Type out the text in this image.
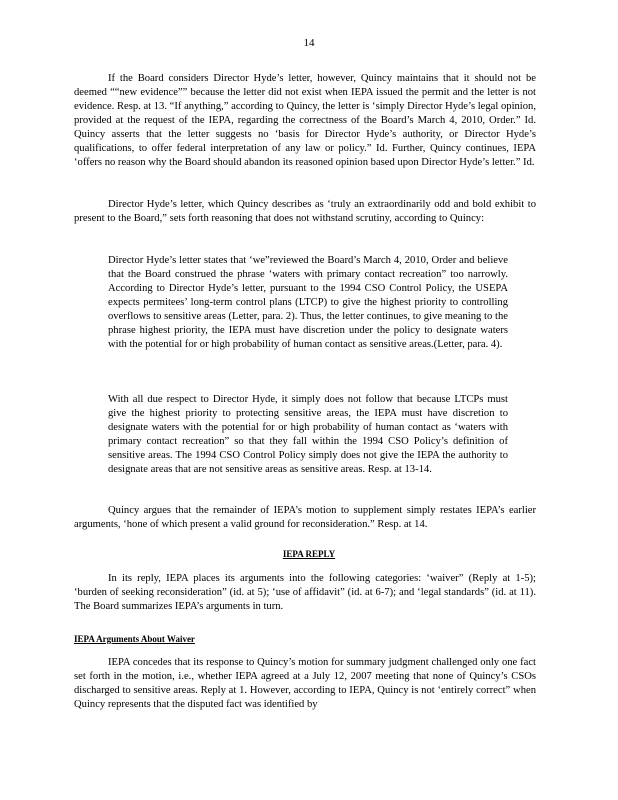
14
If the Board considers Director Hyde’s letter, however, Quincy maintains that it should not be deemed ““new evidence”” because the letter did not exist when IEPA issued the permit and the letter is not evidence. Resp. at 13. “If anything,” according to Quincy, the letter is ‘simply Director Hyde’s legal opinion, provided at the request of the IEPA, regarding the correctness of the Board’s March 4, 2010, Order.” Id. Quincy asserts that the letter suggests no ‘basis for Director Hyde’s authority, or Director Hyde’s qualifications, to offer federal interpretation of any law or policy.” Id. Further, Quincy continues, IEPA ‘offers no reason why the Board should abandon its reasoned opinion based upon Director Hyde’s letter.” Id.
Director Hyde’s letter, which Quincy describes as ‘truly an extraordinarily odd and bold exhibit to present to the Board,” sets forth reasoning that does not withstand scrutiny, according to Quincy:
Director Hyde’s letter states that ‘we”reviewed the Board’s March 4, 2010, Order and believe that the Board construed the phrase ‘waters with primary contact recreation” too narrowly. According to Director Hyde’s letter, pursuant to the 1994 CSO Control Policy, the USEPA expects permitees’ long-term control plans (LTCP) to give the highest priority to controlling overflows to sensitive areas (Letter, para. 2). Thus, the letter continues, to give meaning to the phrase highest priority, the IEPA must have discretion under the policy to designate waters with the potential for or high probability of human contact as sensitive areas.(Letter, para. 4).
With all due respect to Director Hyde, it simply does not follow that because LTCPs must give the highest priority to protecting sensitive areas, the IEPA must have discretion to designate waters with the potential for or high probability of human contact as ‘waters with primary contact recreation” so that they fall within the 1994 CSO Policy’s definition of sensitive areas. The 1994 CSO Control Policy simply does not give the IEPA the authority to designate areas that are not sensitive areas as sensitive areas. Resp. at 13-14.
Quincy argues that the remainder of IEPA’s motion to supplement simply restates IEPA’s earlier arguments, ‘hone of which present a valid ground for reconsideration.” Resp. at 14.
IEPA REPLY
In its reply, IEPA places its arguments into the following categories: ‘waiver” (Reply at 1-5); ‘burden of seeking reconsideration” (id. at 5); ‘use of affidavit” (id. at 6-7); and ‘legal standards” (id. at 11). The Board summarizes IEPA’s arguments in turn.
IEPA Arguments About Waiver
IEPA concedes that its response to Quincy’s motion for summary judgment challenged only one fact set forth in the motion, i.e., whether IEPA agreed at a July 12, 2007 meeting that none of Quincy’s CSOs discharged to sensitive areas. Reply at 1. However, according to IEPA, Quincy is not ‘entirely correct” when Quincy represents that the disputed fact was identified by
